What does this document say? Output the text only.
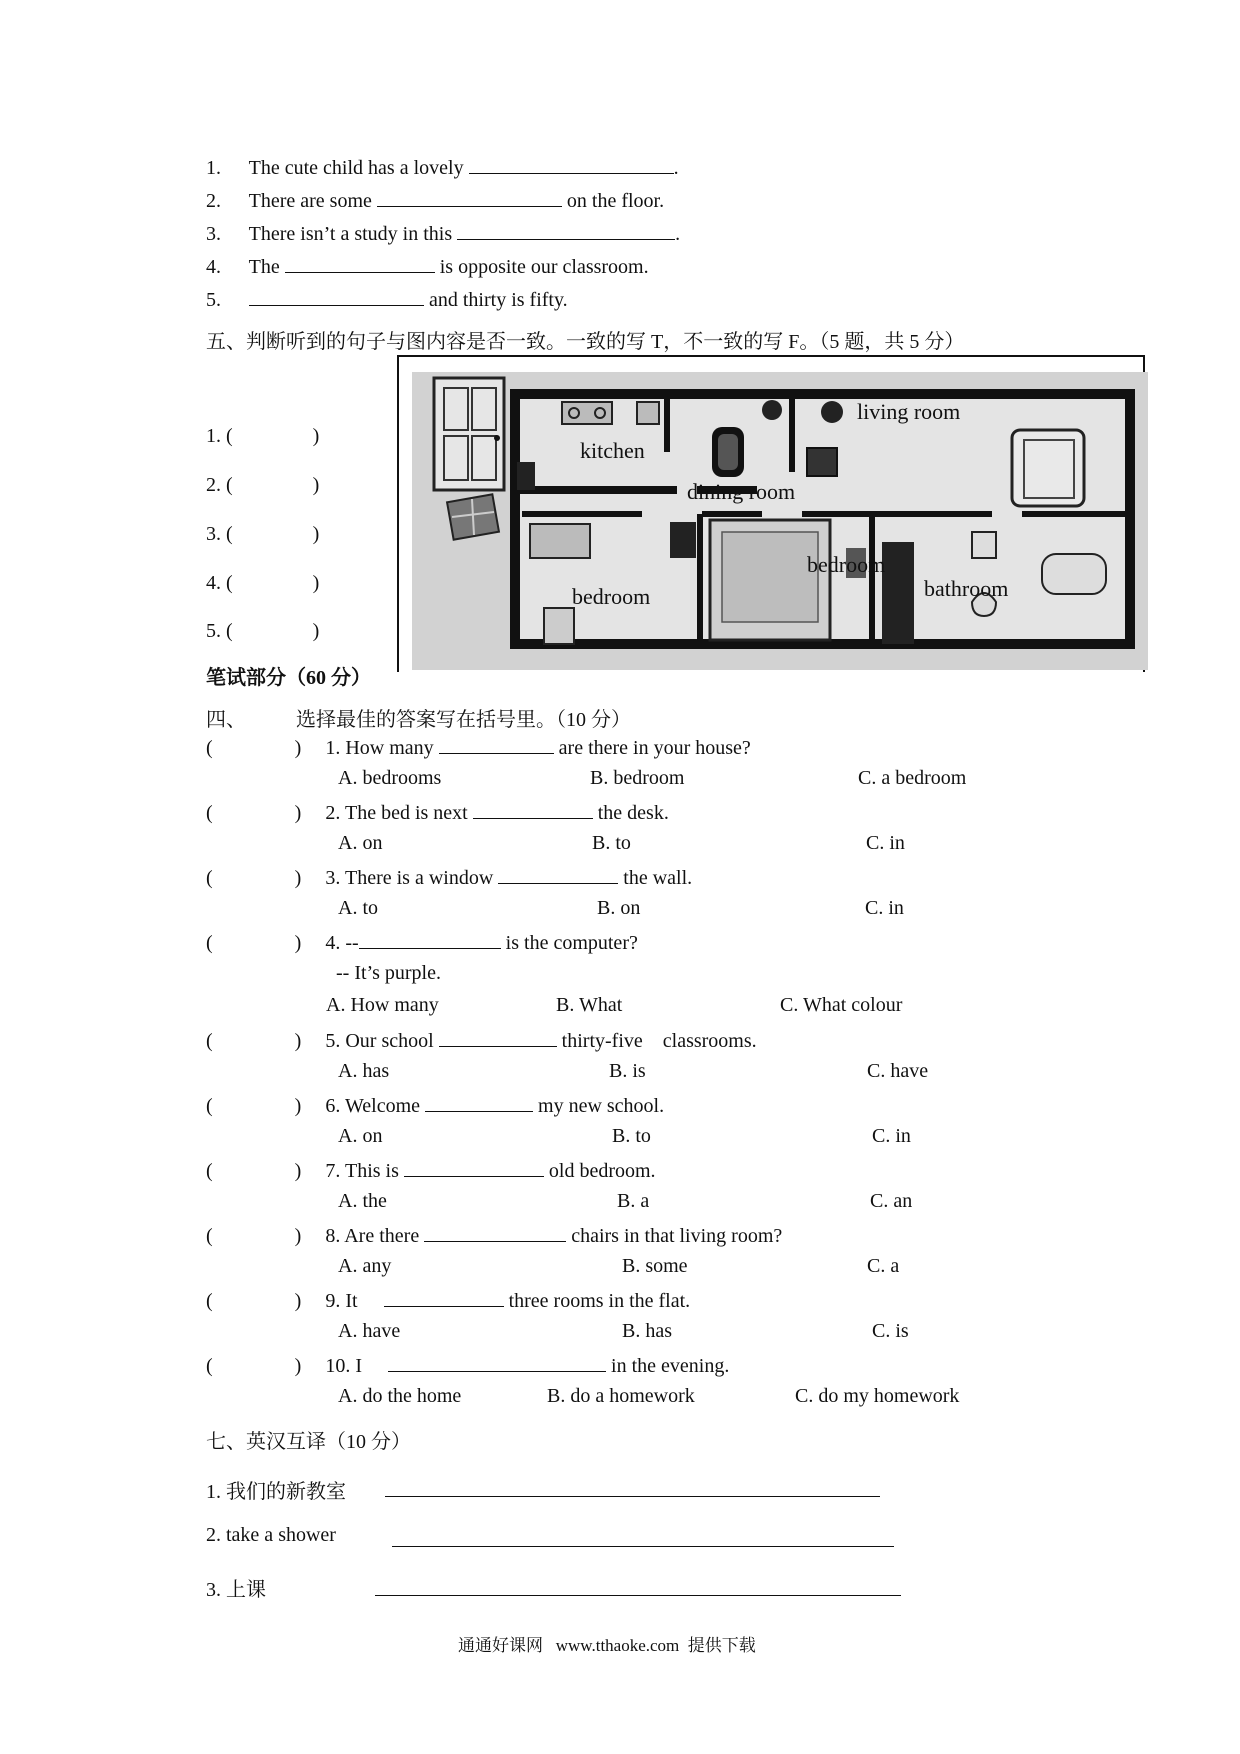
1. The cute child has a lovely	.
2. There are some	on the floor.
3. There isn’t a study in this	.
4. The	is opposite our classroom.
5.	and thirty is fifty.
五、判断听到的句子与图内容是否一致。一致的写 T，不一致的写 F。（5 题，共 5 分）
1. (	)
2. (	)
3. (	)
4. (	)
5. (	)
kitchen
dining room
living room
bedroom
bedroom
bathroom
笔试部分（60 分）
四、	选择最佳的答案写在括号里。（10 分）
(	) 1. How many	are there in your house?
A. bedrooms	B. bedroom	C. a bedroom
(	) 2. The bed is next	the desk.
A. on	B. to	C. in
(	) 3. There is a window	the wall.
A. to	B. on	C. in
(	) 4. --	is the computer?
-- It’s purple.
A. How many	B. What	C. What colour
(	) 5. Our school	thirty-five    classrooms.
A. has	B. is	C. have
(	) 6. Welcome	my new school.
A. on	B. to	C. in
(	) 7. This is	old bedroom.
A. the	B. a	C. an
(	) 8. Are there	chairs in that living room?
A. any	B. some	C. a
(	) 9. It	three rooms in the flat.
A. have	B. has	C. is
(	) 10. I	in the evening.
A. do the home	B. do a homework	C. do my homework
七、英汉互译（10 分）
1. 我们的新教室
2. take a shower
3. 上课
通通好课网   www.tthaoke.com  提供下载
